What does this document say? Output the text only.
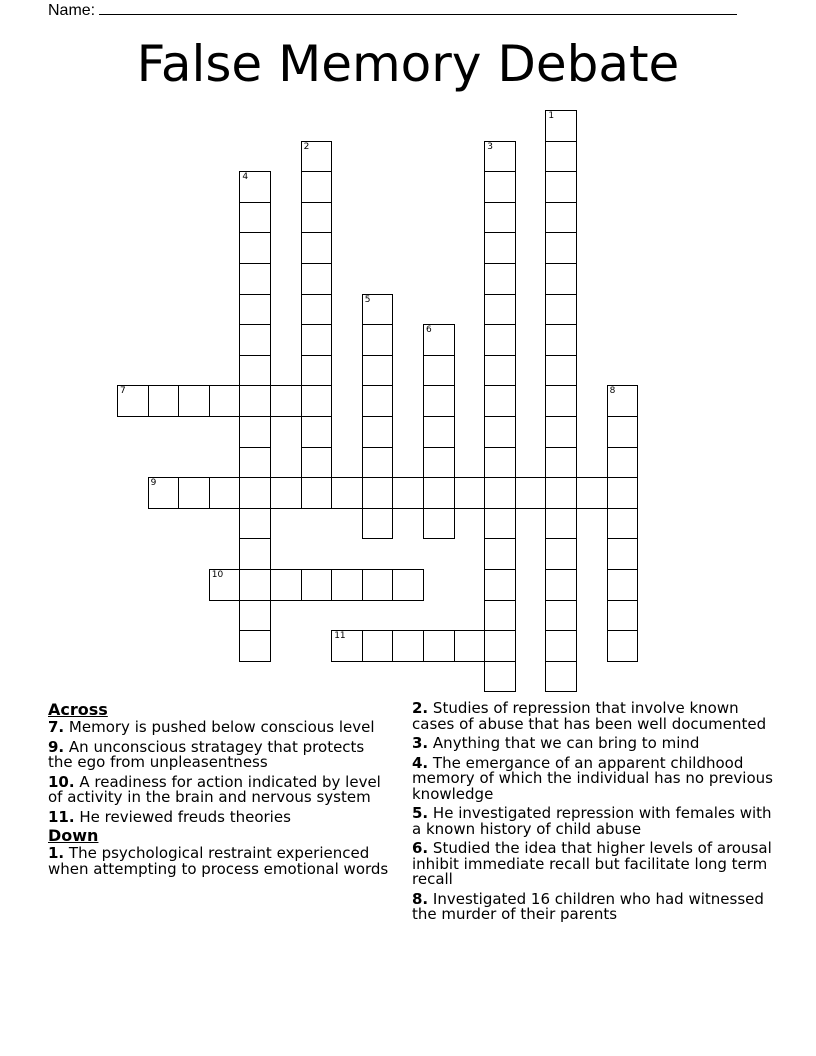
Name:
False Memory Debate
1
2	3
4
5
6
7	8
9
10
11
Across
7. Memory is pushed below conscious level
9. An unconscious stratagey that protects the ego from unpleasentness
10. A readiness for action indicated by level of activity in the brain and nervous system
11. He reviewed freuds theories
Down
1. The psychological restraint experienced when attempting to process emotional words
2. Studies of repression that involve known cases of abuse that has been well documented
3. Anything that we can bring to mind
4. The emergance of an apparent childhood memory of which the individual has no previous knowledge
5. He investigated repression with females with a known history of child abuse
6. Studied the idea that higher levels of arousal inhibit immediate recall but facilitate long term recall
8. Investigated 16 children who had witnessed the murder of their parents
